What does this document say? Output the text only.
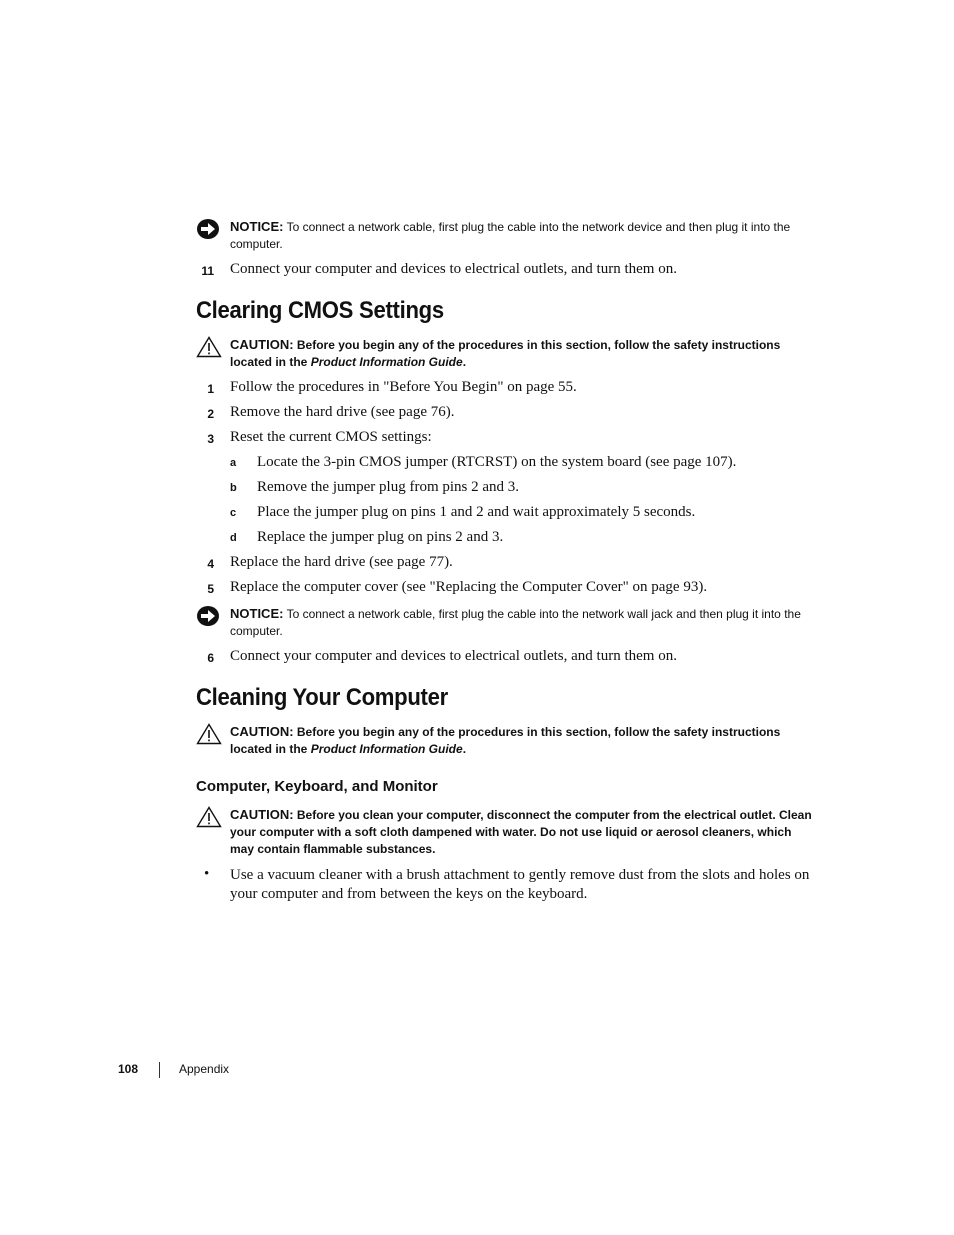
NOTICE: To connect a network cable, first plug the cable into the network device and then plug it into the computer.
11 Connect your computer and devices to electrical outlets, and turn them on.
Clearing CMOS Settings
CAUTION: Before you begin any of the procedures in this section, follow the safety instructions located in the Product Information Guide.
1 Follow the procedures in "Before You Begin" on page 55.
2 Remove the hard drive (see page 76).
3 Reset the current CMOS settings:
a Locate the 3-pin CMOS jumper (RTCRST) on the system board (see page 107).
b Remove the jumper plug from pins 2 and 3.
c Place the jumper plug on pins 1 and 2 and wait approximately 5 seconds.
d Replace the jumper plug on pins 2 and 3.
4 Replace the hard drive (see page 77).
5 Replace the computer cover (see "Replacing the Computer Cover" on page 93).
NOTICE: To connect a network cable, first plug the cable into the network wall jack and then plug it into the computer.
6 Connect your computer and devices to electrical outlets, and turn them on.
Cleaning Your Computer
CAUTION: Before you begin any of the procedures in this section, follow the safety instructions located in the Product Information Guide.
Computer, Keyboard, and Monitor
CAUTION: Before you clean your computer, disconnect the computer from the electrical outlet. Clean your computer with a soft cloth dampened with water. Do not use liquid or aerosol cleaners, which may contain flammable substances.
• Use a vacuum cleaner with a brush attachment to gently remove dust from the slots and holes on your computer and from between the keys on the keyboard.
108	Appendix
